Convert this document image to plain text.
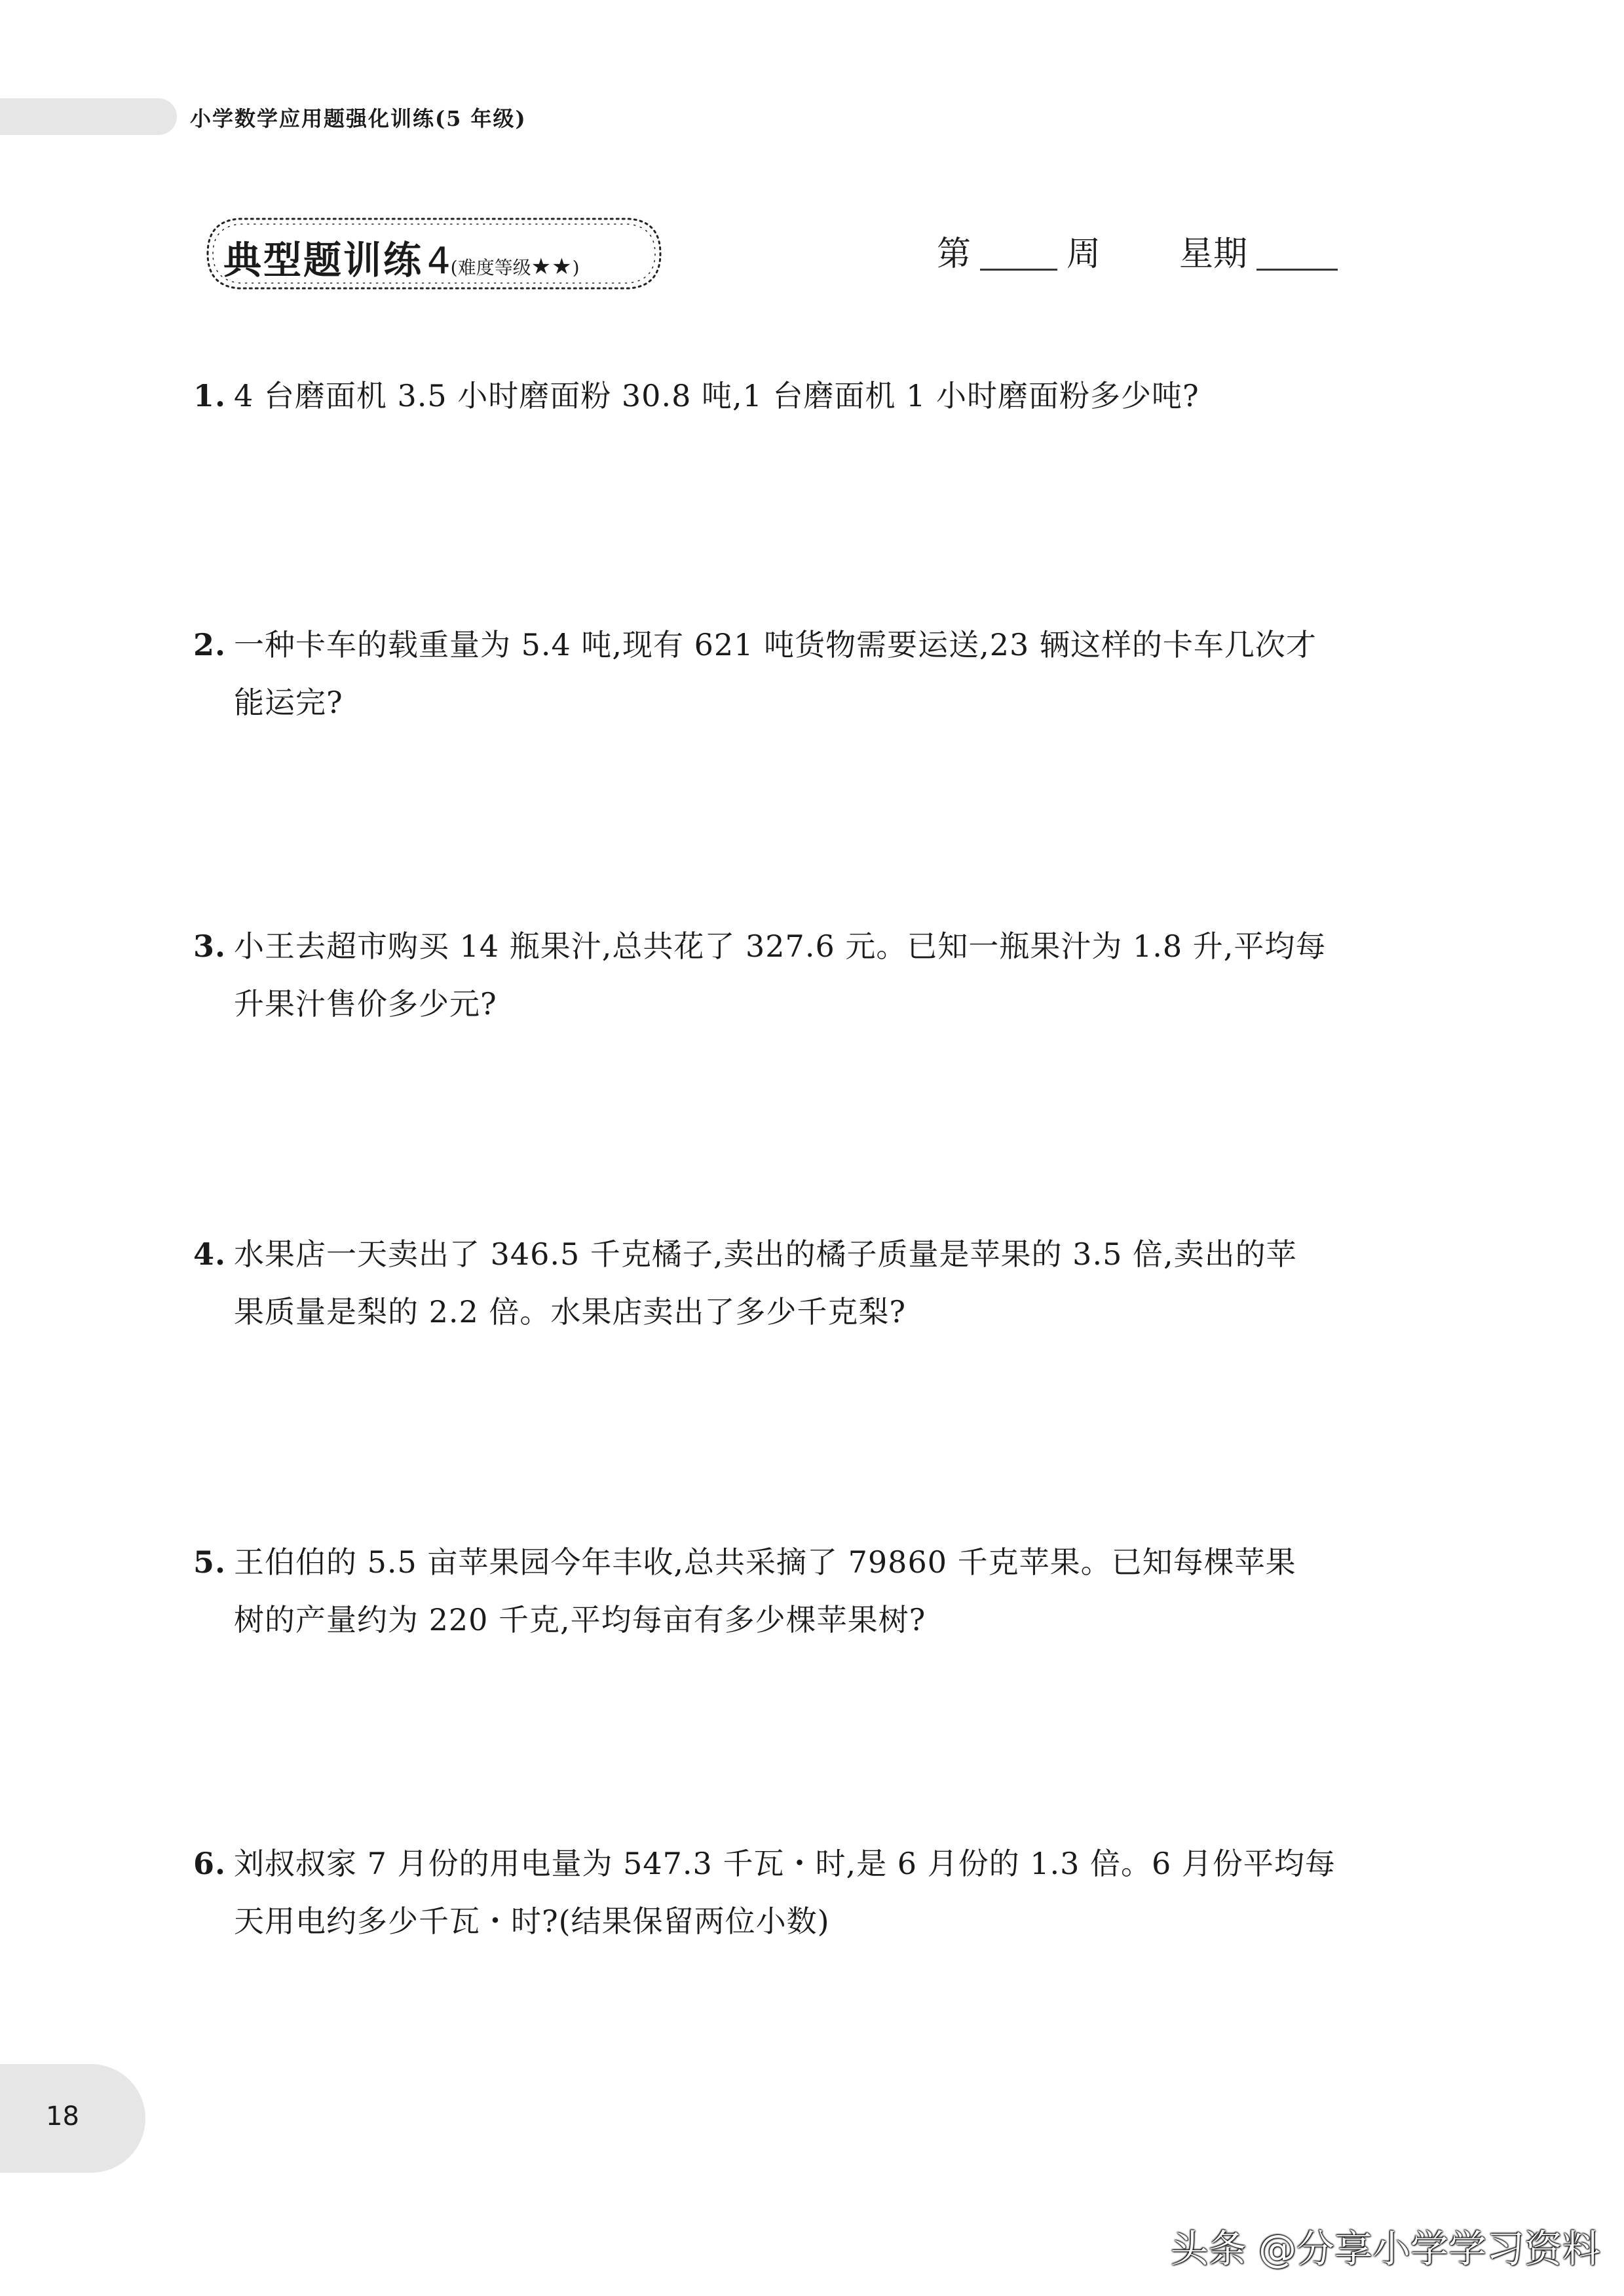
小学数学应用题强化训练(5 年级)
典型题训练 4(难度等级★★)	第	周 星期
1. 4 台磨面机 3.5 小时磨面粉 30.8 吨,1 台磨面机 1 小时磨面粉多少吨?
2. 一种卡车的载重量为 5.4 吨,现有 621 吨货物需要运送,23 辆这样的卡车几次才
能运完?
3. 小王去超市购买 14 瓶果汁,总共花了 327.6 元。已知一瓶果汁为 1.8 升,平均每
升果汁售价多少元?
4. 水果店一天卖出了 346.5 千克橘子,卖出的橘子质量是苹果的 3.5 倍,卖出的苹
果质量是梨的 2.2 倍。水果店卖出了多少千克梨?
5. 王伯伯的 5.5 亩苹果园今年丰收,总共采摘了 79860 千克苹果。已知每棵苹果
树的产量约为 220 千克,平均每亩有多少棵苹果树?
6. 刘叔叔家 7 月份的用电量为 547.3 千瓦・时,是 6 月份的 1.3 倍。6 月份平均每
天用电约多少千瓦・时?(结果保留两位小数)
18
头条 @分享小学学习资料
